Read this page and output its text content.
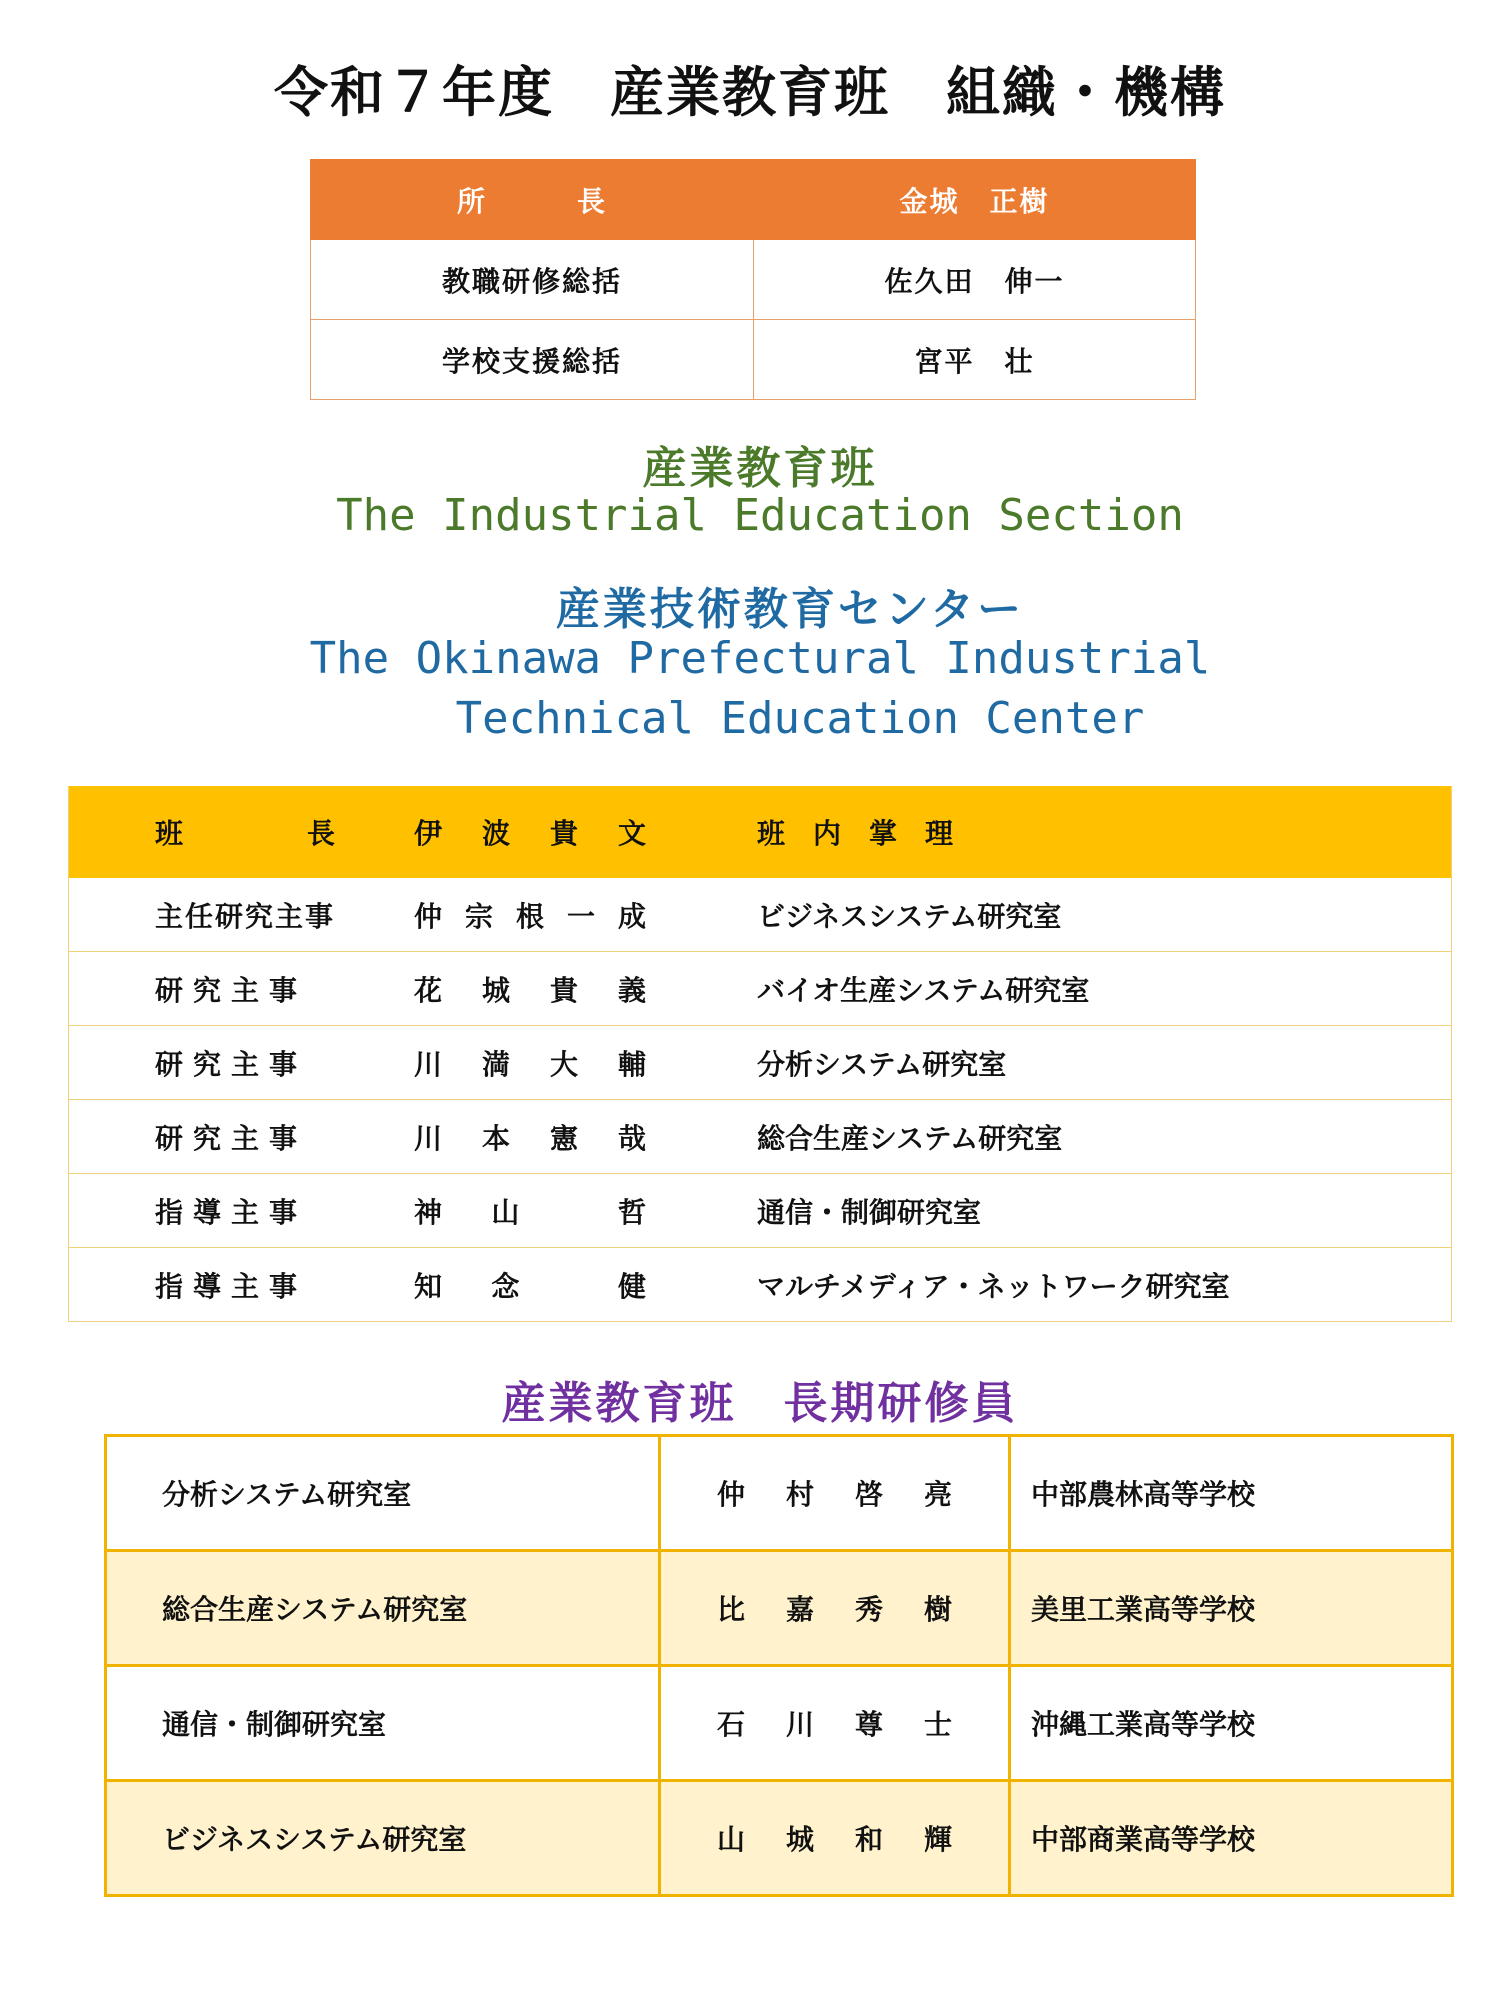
令和７年度　産業教育班　組織・機構
所　　　長	金城　正樹
教職研修総括	佐久田　伸一
学校支援総括	宮平　壮
産業教育班
The Industrial Education Section
産業技術教育センター
The Okinawa Prefectural Industrial
Technical Education Center
班　　　長	伊 波 貴 文	班　内　掌　理
主任研究主事	仲 宗 根 一 成	ビジネスシステム研究室
研究主事	花 城 貴 義	バイオ生産システム研究室
研究主事	川 満 大 輔	分析システム研究室
研究主事	川 本 憲 哉	総合生産システム研究室
指導主事	神 山 哲	通信・制御研究室
指導主事	知 念 健	マルチメディア・ネットワーク研究室
産業教育班　長期研修員
分析システム研究室	仲 村 啓 亮	中部農林高等学校
総合生産システム研究室	比 嘉 秀 樹	美里工業高等学校
通信・制御研究室	石 川 尊 士	沖縄工業高等学校
ビジネスシステム研究室	山 城 和 輝	中部商業高等学校
